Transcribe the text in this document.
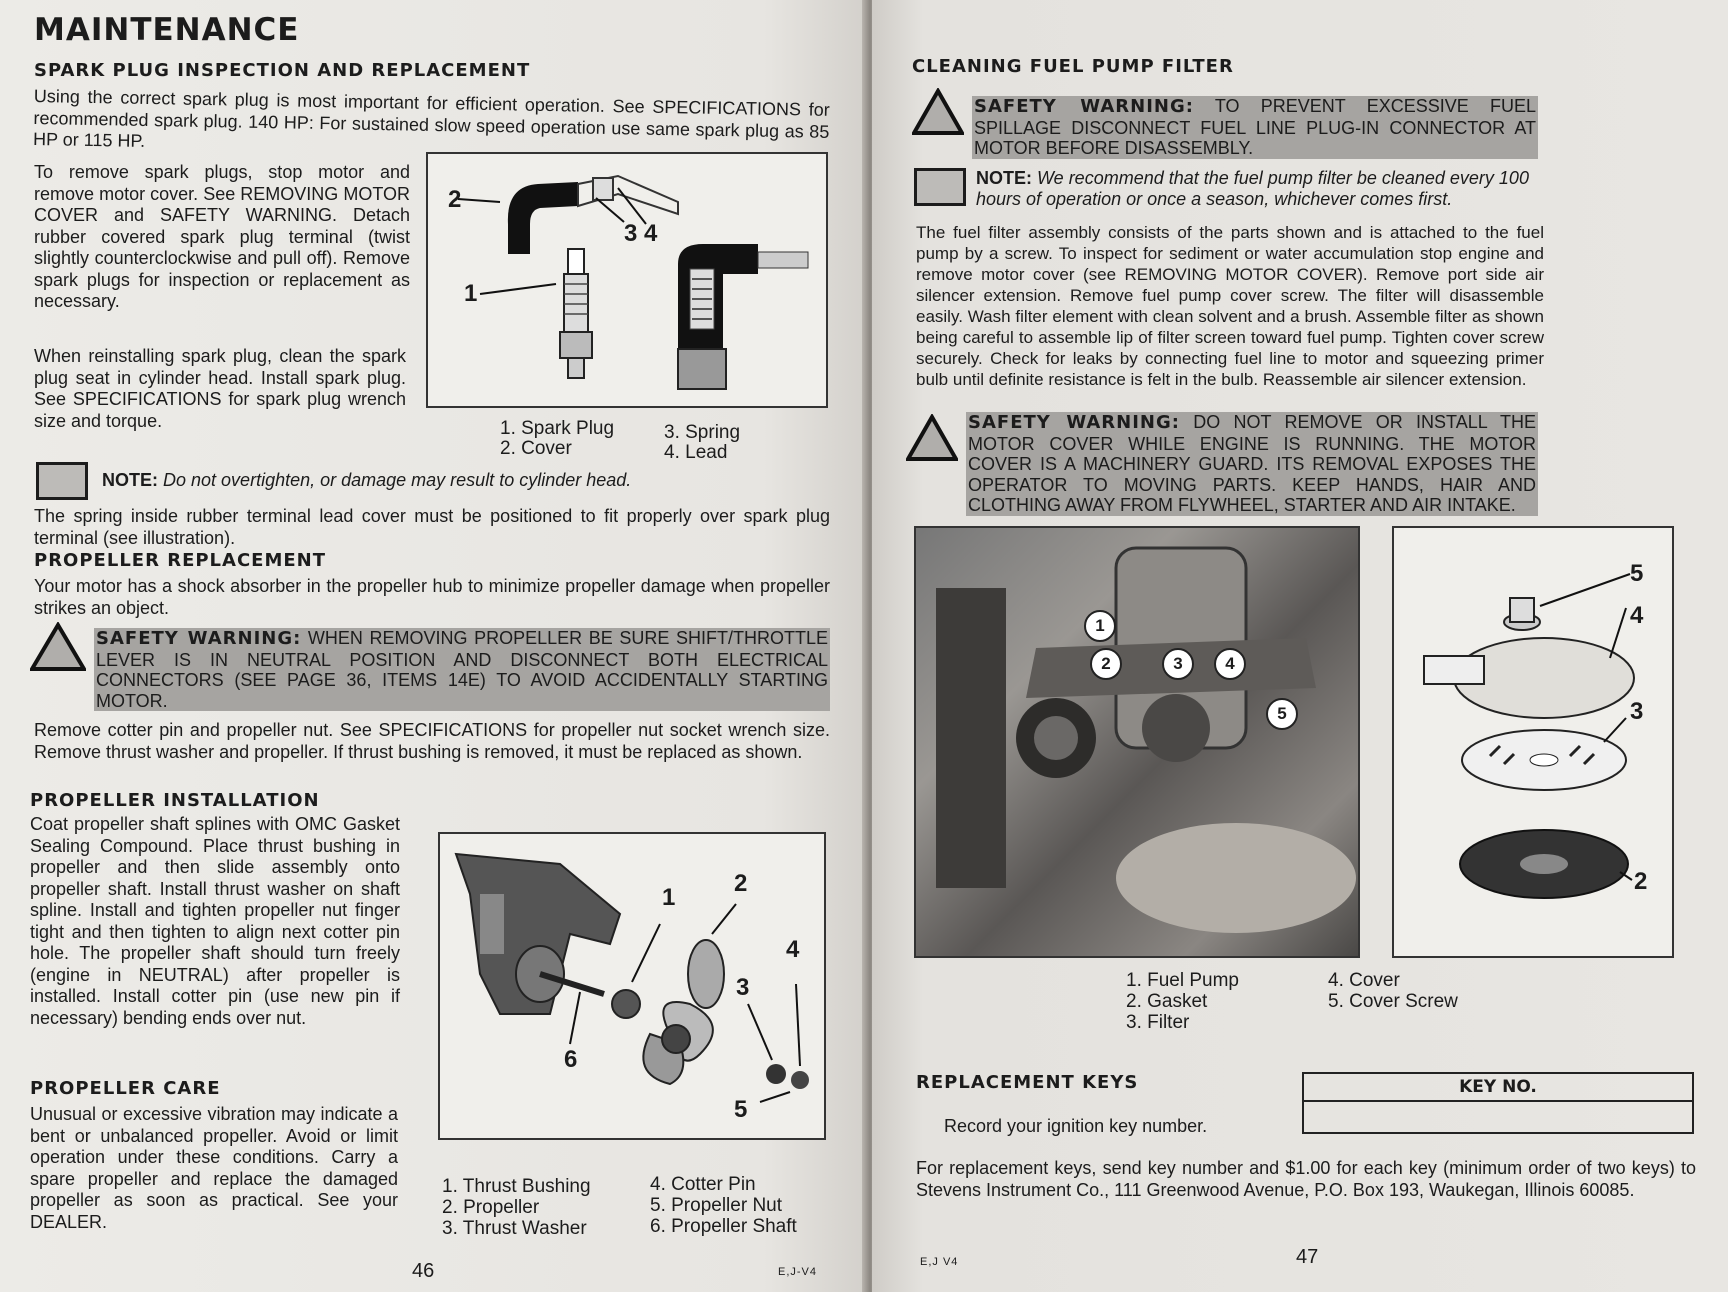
MAINTENANCE
SPARK PLUG INSPECTION AND REPLACEMENT
Using the correct spark plug is most important for efficient operation. See SPECIFICATIONS for recommended spark plug. 140 HP: For sustained slow speed operation use same spark plug as 85 HP or 115 HP.
To remove spark plugs, stop motor and remove motor cover. See REMOVING MOTOR COVER and SAFETY WARNING. Detach rubber covered spark plug terminal (twist slightly counterclockwise and pull off). Remove spark plugs for inspection or replacement as necessary.
When reinstalling spark plug, clean the spark plug seat in cylinder head. Install spark plug. See SPECIFICATIONS for spark plug wrench size and torque.
2
1
3 4
1. Spark Plug
2. Cover
3. Spring
4. Lead
NOTE: Do not overtighten, or damage may result to cylinder head.
The spring inside rubber terminal lead cover must be positioned to fit properly over spark plug terminal (see illustration).
PROPELLER REPLACEMENT
Your motor has a shock absorber in the propeller hub to minimize propeller damage when propeller strikes an object.
SAFETY WARNING: WHEN REMOVING PROPELLER BE SURE SHIFT/THROTTLE LEVER IS IN NEUTRAL POSITION AND DISCONNECT BOTH ELECTRICAL CONNECTORS (SEE PAGE 36, ITEMS 14E) TO AVOID ACCIDENTALLY STARTING MOTOR.
Remove cotter pin and propeller nut. See SPECIFICATIONS for propeller nut socket wrench size. Remove thrust washer and propeller. If thrust bushing is removed, it must be replaced as shown.
PROPELLER INSTALLATION
Coat propeller shaft splines with OMC Gasket Sealing Compound. Place thrust bushing in propeller and then slide assembly onto propeller shaft. Install thrust washer on shaft spline. Install and tighten propeller nut finger tight and then tighten to align next cotter pin hole. The propeller shaft should turn freely (engine in NEUTRAL) after propeller is installed. Install cotter pin (use new pin if necessary) bending ends over nut.
PROPELLER CARE
Unusual or excessive vibration may indicate a bent or unbalanced propeller. Avoid or limit operation under these conditions. Carry a spare propeller and replace the damaged propeller as soon as practical. See your DEALER.
1
2
3
4
5
6
1. Thrust Bushing
2. Propeller
3. Thrust Washer
4. Cotter Pin
5. Propeller Nut
6. Propeller Shaft
46	E,J-V4
CLEANING FUEL PUMP FILTER
SAFETY WARNING: TO PREVENT EXCESSIVE FUEL SPILLAGE DISCONNECT FUEL LINE PLUG-IN CONNECTOR AT MOTOR BEFORE DISASSEMBLY.
NOTE: We recommend that the fuel pump filter be cleaned every 100 hours of operation or once a season, whichever comes first.
The fuel filter assembly consists of the parts shown and is attached to the fuel pump by a screw. To inspect for sediment or water accumulation stop engine and remove motor cover (see REMOVING MOTOR COVER). Remove port side air silencer extension. Remove fuel pump cover screw. The filter will disassemble easily. Wash filter element with clean solvent and a brush. Assemble filter as shown being careful to assemble lip of filter screen toward fuel pump. Tighten cover screw securely. Check for leaks by connecting fuel line to motor and squeezing primer bulb until definite resistance is felt in the bulb. Reassemble air silencer extension.
SAFETY WARNING: DO NOT REMOVE OR INSTALL THE MOTOR COVER WHILE ENGINE IS RUNNING. THE MOTOR COVER IS A MACHINERY GUARD. ITS REMOVAL EXPOSES THE OPERATOR TO MOVING PARTS. KEEP HANDS, HAIR AND CLOTHING AWAY FROM FLYWHEEL, STARTER AND AIR INTAKE.
1
2	3	4
5
5
4
3
2
1. Fuel Pump
2. Gasket
3. Filter
4. Cover
5. Cover Screw
REPLACEMENT KEYS	KEY NO.
Record your ignition key number.
For replacement keys, send key number and $1.00 for each key (minimum order of two keys) to Stevens Instrument Co., 111 Greenwood Avenue, P.O. Box 193, Waukegan, Illinois 60085.
E,J V4	47
